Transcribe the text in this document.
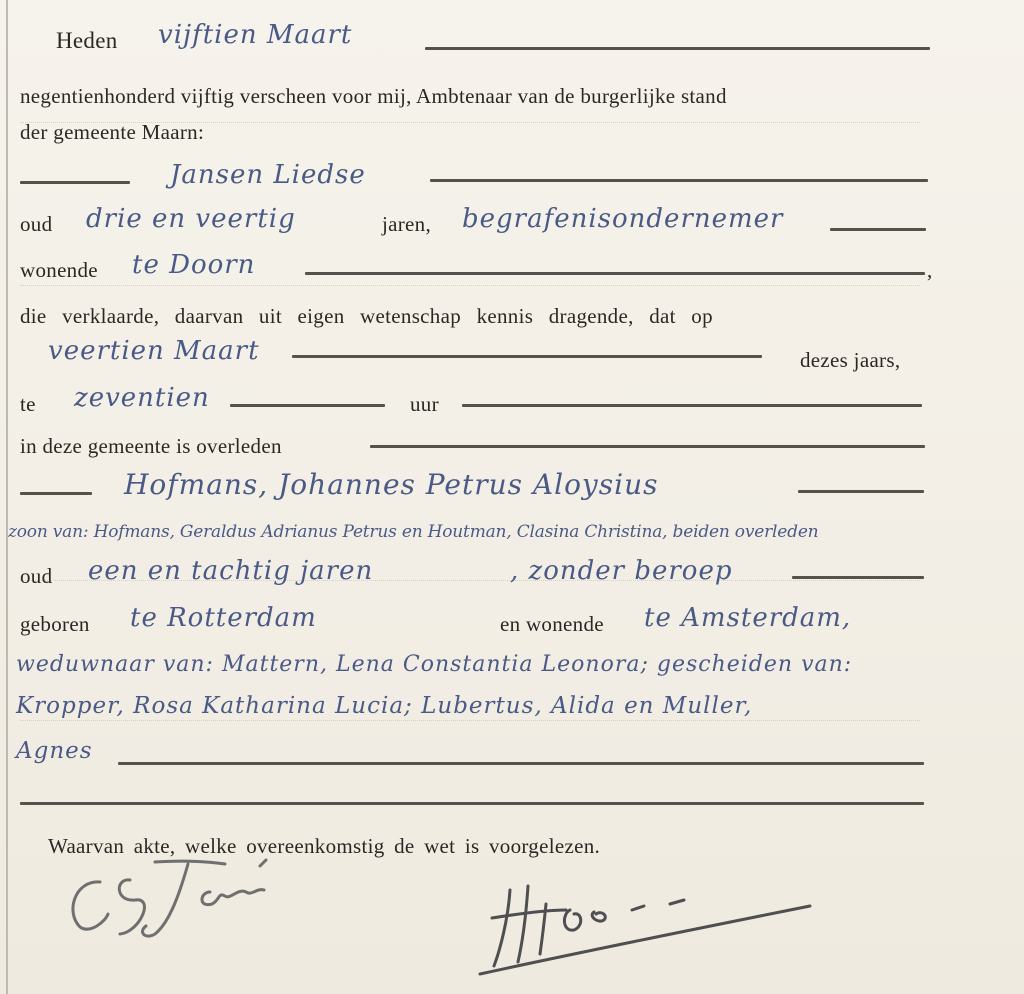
Heden vijftien Maart
negentienhonderd vijftig verscheen voor mij, Ambtenaar van de burgerlijke stand
der gemeente Maarn:
Jansen Liedse
oud drie en veertig	jaren, begrafenisondernemer
wonende te Doorn	,
die verklaarde, daarvan uit eigen wetenschap kennis dragende, dat op
veertien Maart	dezes jaars,
te zeventien	uur
in deze gemeente is overleden
Hofmans, Johannes Petrus Aloysius
zoon van: Hofmans, Geraldus Adrianus Petrus en Houtman, Clasina Christina, beiden overleden
oud een en tachtig jaren	, zonder beroep
geboren te Rotterdam	en wonende te Amsterdam,
weduwnaar van: Mattern, Lena Constantia Leonora; gescheiden van:
Kropper, Rosa Katharina Lucia; Lubertus, Alida en Muller,
Agnes
Waarvan akte, welke overeenkomstig de wet is voorgelezen.
